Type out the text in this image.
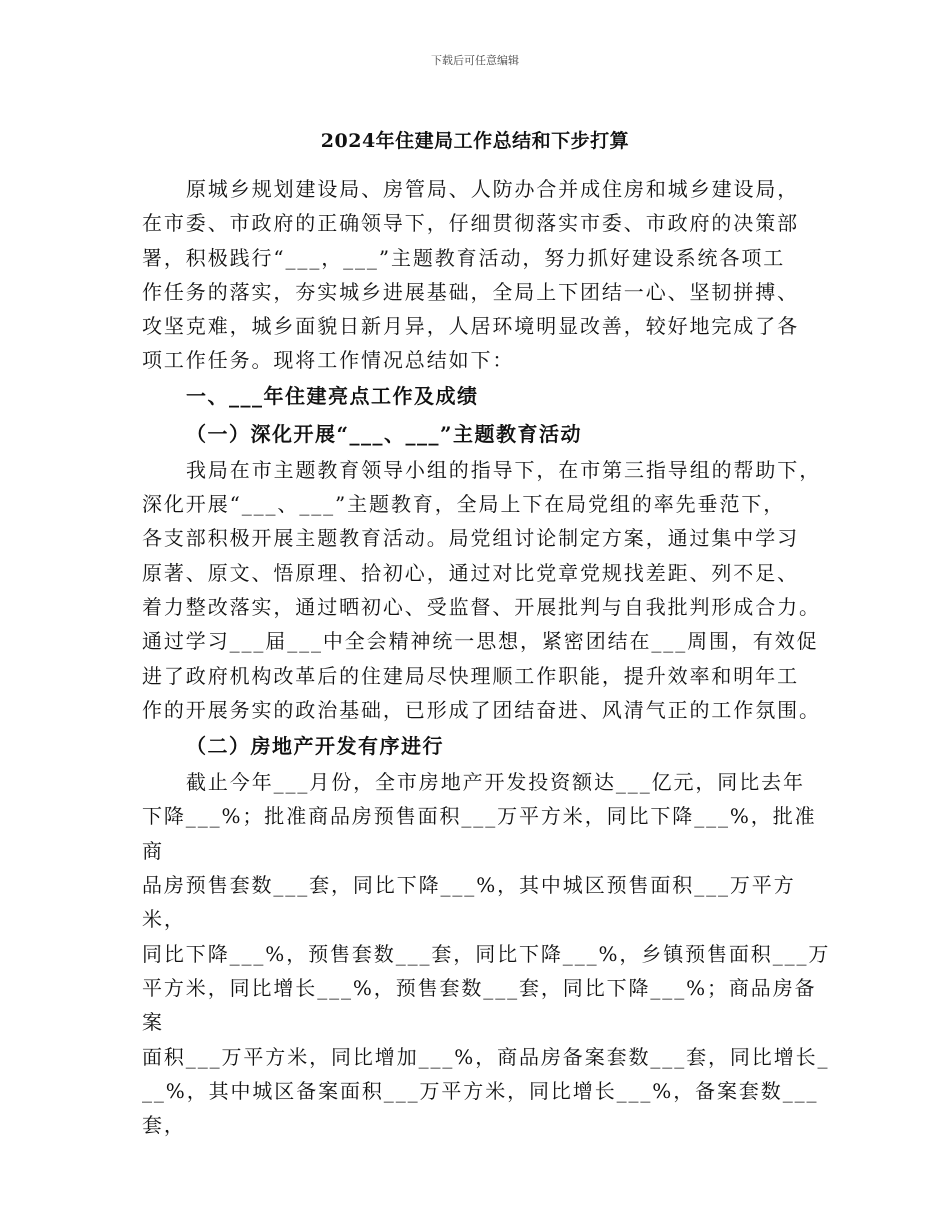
下载后可任意编辑
2024年住建局工作总结和下步打算

原城乡规划建设局、房管局、人防办合并成住房和城乡建设局，
在市委、市政府的正确领导下，仔细贯彻落实市委、市政府的决策部
署，积极践行“___，___”主题教育活动，努力抓好建设系统各项工
作任务的落实，夯实城乡进展基础，全局上下团结一心、坚韧拼搏、
攻坚克难，城乡面貌日新月异，人居环境明显改善，较好地完成了各
项工作任务。现将工作情况总结如下：

一、___年住建亮点工作及成绩
（一）深化开展“___、___”主题教育活动

我局在市主题教育领导小组的指导下，在市第三指导组的帮助下，
深化开展“___、___”主题教育，全局上下在局党组的率先垂范下，
各支部积极开展主题教育活动。局党组讨论制定方案，通过集中学习
原著、原文、悟原理、拾初心，通过对比党章党规找差距、列不足、
着力整改落实，通过晒初心、受监督、开展批判与自我批判形成合力。
通过学习___届___中全会精神统一思想，紧密团结在___周围，有效促
进了政府机构改革后的住建局尽快理顺工作职能，提升效率和明年工
作的开展务实的政治基础，已形成了团结奋进、风清气正的工作氛围。

（二）房地产开发有序进行

截止今年___月份，全市房地产开发投资额达___亿元，同比去年
下降___%；批准商品房预售面积___万平方米，同比下降___%，批准商
品房预售套数___套，同比下降___%，其中城区预售面积___万平方米，
同比下降___%，预售套数___套，同比下降___%，乡镇预售面积___万
平方米，同比增长___%，预售套数___套，同比下降___%；商品房备案
面积___万平方米，同比增加___%，商品房备案套数___套，同比增长_
__%，其中城区备案面积___万平方米，同比增长___%，备案套数___套，
